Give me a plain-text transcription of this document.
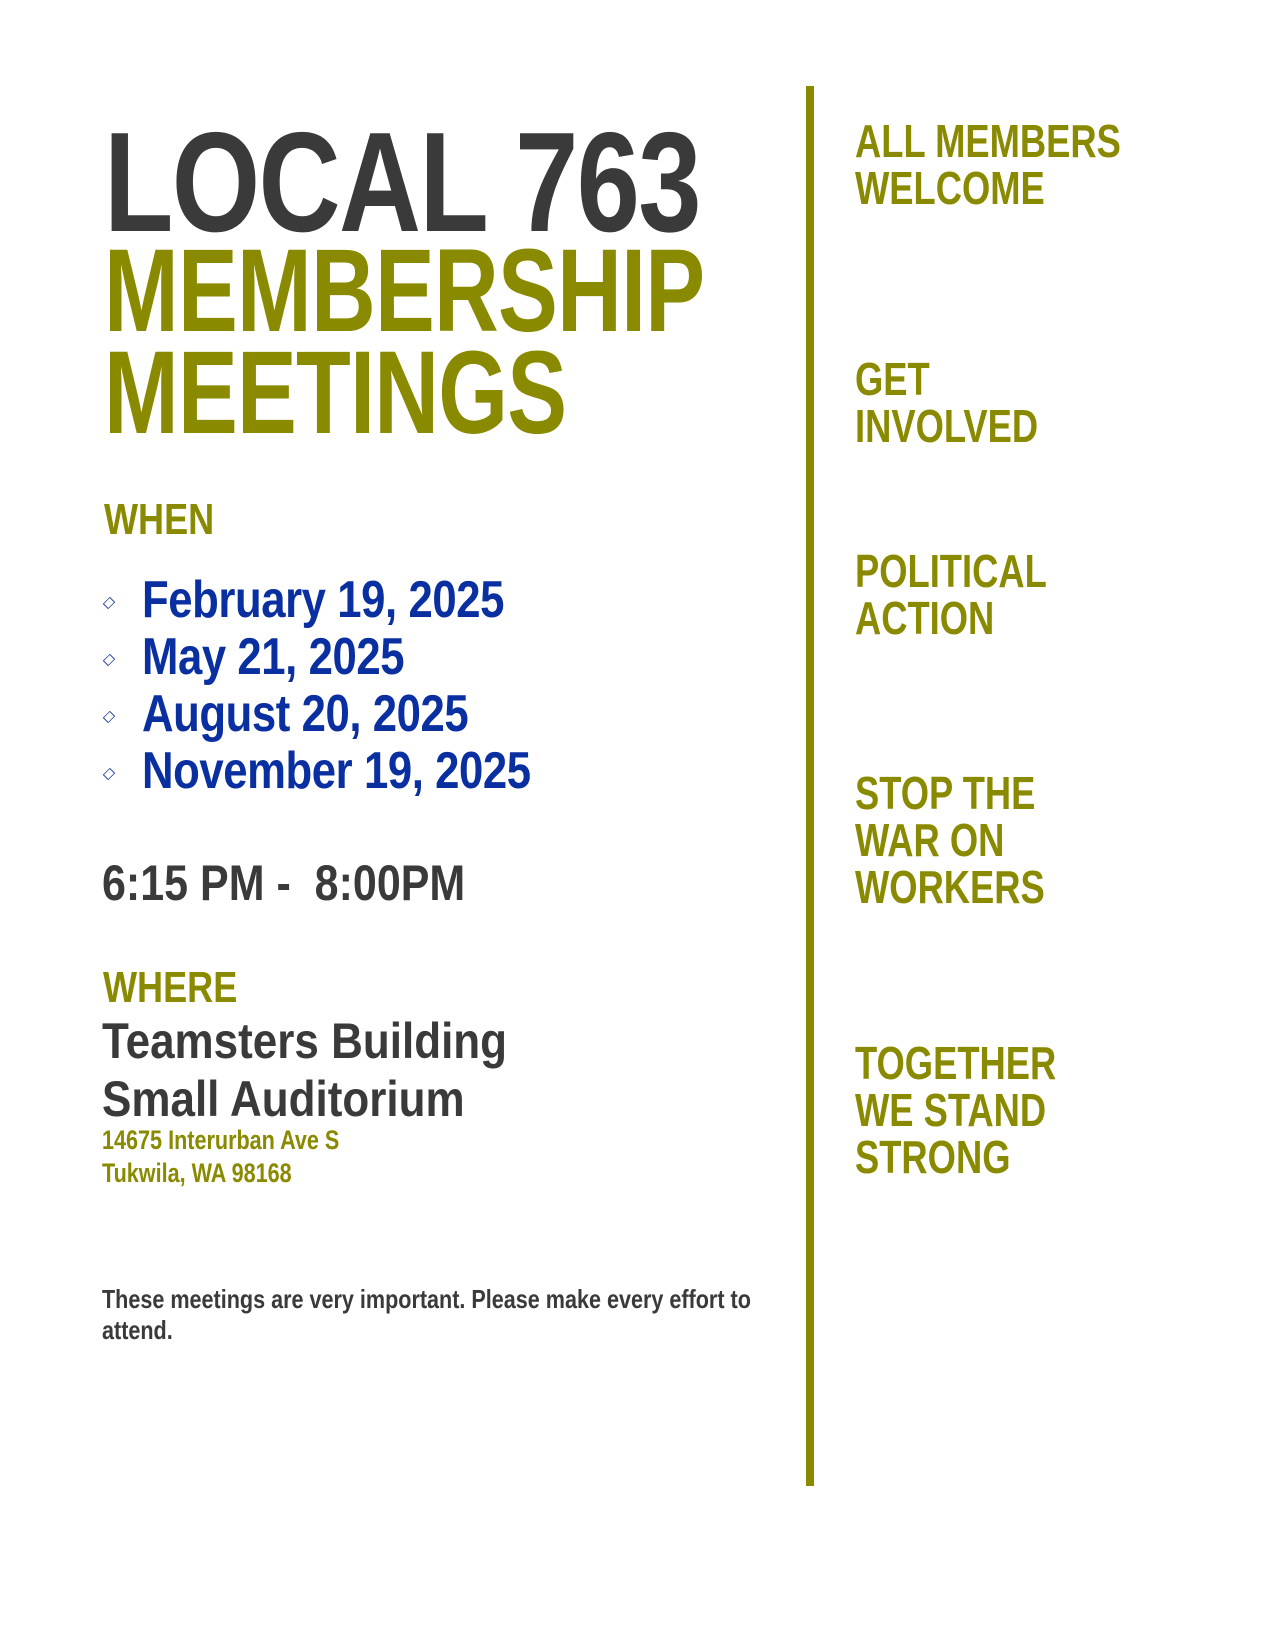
LOCAL 763
MEMBERSHIP
MEETINGS
WHEN
February 19, 2025
May 21, 2025
August 20, 2025
November 19, 2025
6:15 PM -  8:00PM
WHERE
Teamsters Building
Small Auditorium
14675 Interurban Ave S
Tukwila, WA 98168
These meetings are very important. Please make every effort to attend.
ALL MEMBERS
WELCOME
GET
INVOLVED
POLITICAL
ACTION
STOP THE
WAR ON
WORKERS
TOGETHER
WE STAND
STRONG
